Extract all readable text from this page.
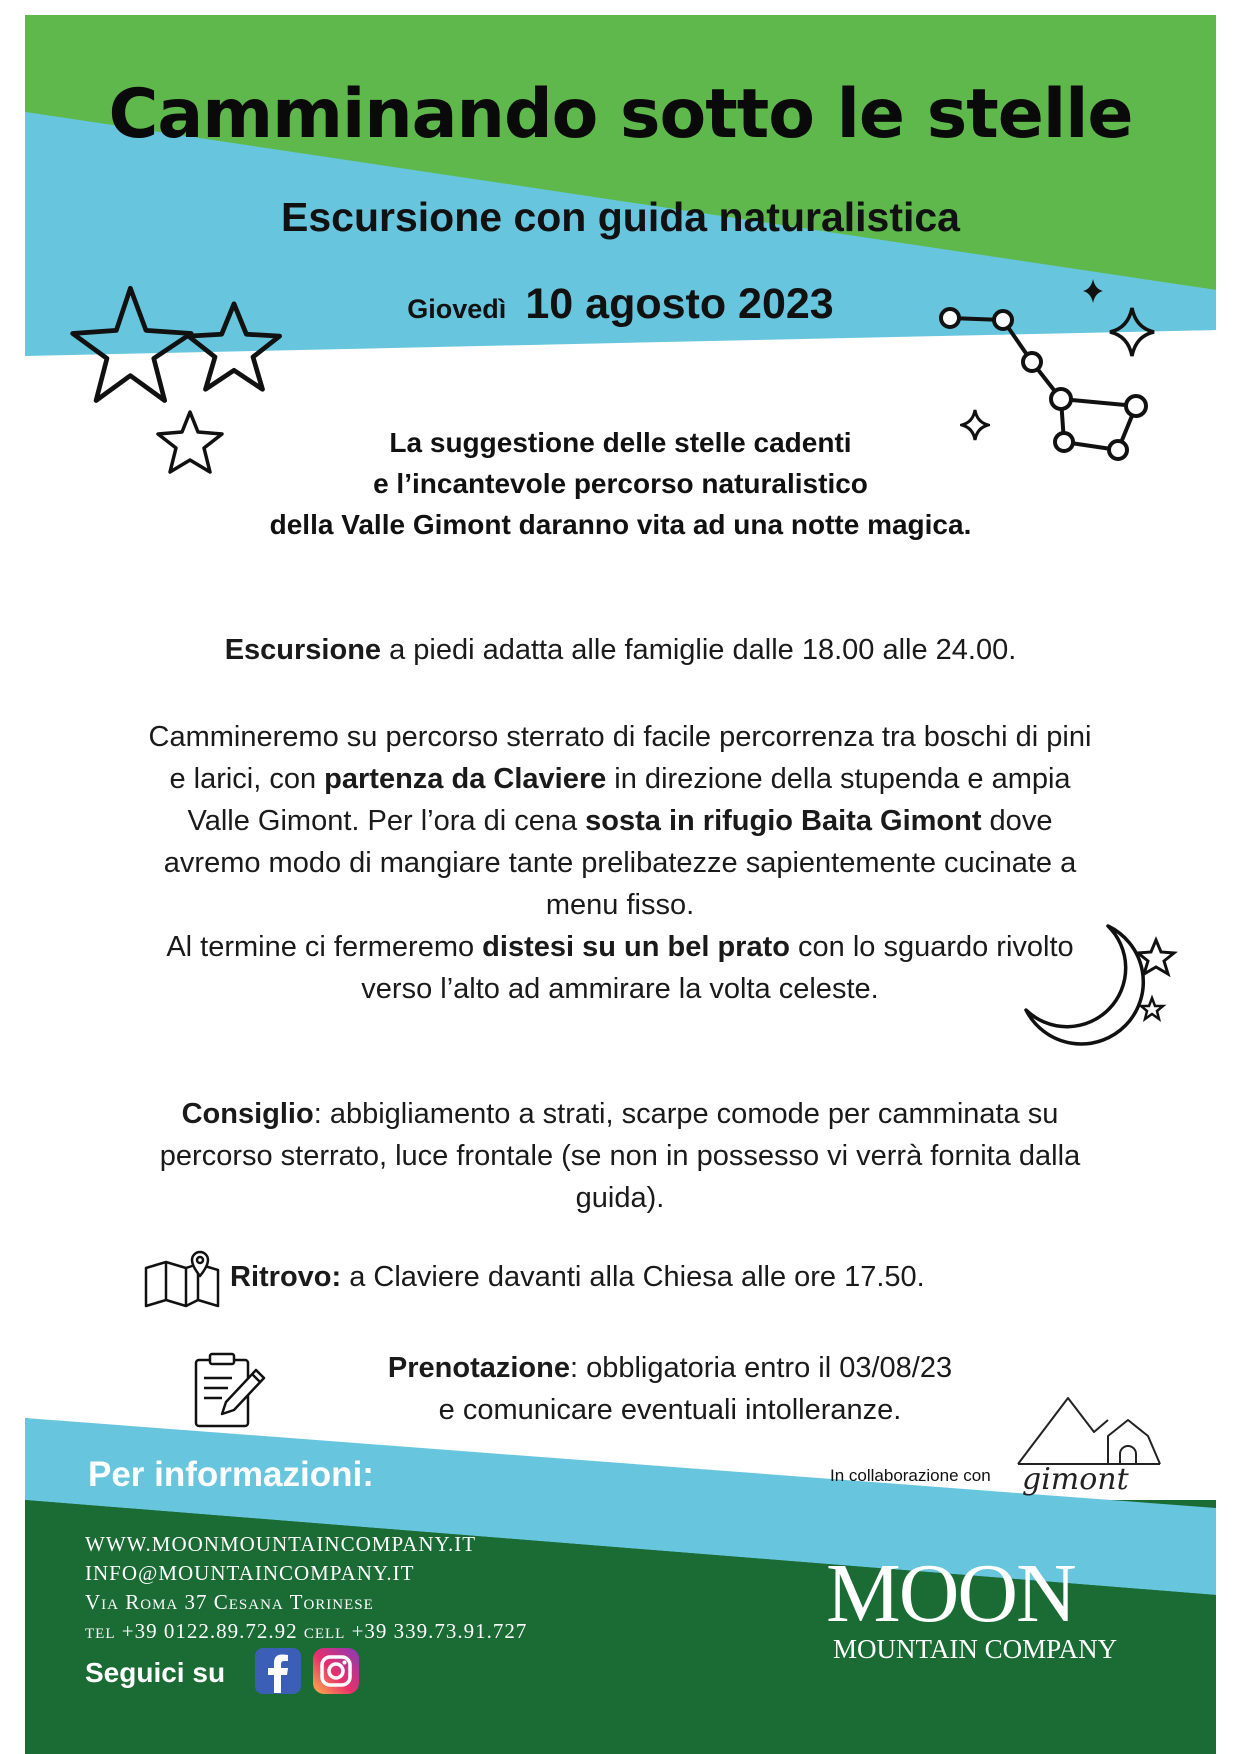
Camminando sotto le stelle
Escursione con guida naturalistica
Giovedì 10 agosto 2023
La suggestione delle stelle cadenti
e l’incantevole percorso naturalistico
della Valle Gimont daranno vita ad una notte magica.
Escursione a piedi adatta alle famiglie dalle 18.00 alle 24.00.
Cammineremo su percorso sterrato di facile percorrenza tra boschi di pini e larici, con partenza da Claviere in direzione della stupenda e ampia Valle Gimont. Per l’ora di cena sosta in rifugio Baita Gimont dove avremo modo di mangiare tante prelibatezze sapientemente cucinate a menu fisso.
Al termine ci fermeremo distesi su un bel prato con lo sguardo rivolto verso l’alto ad ammirare la volta celeste.
Consiglio: abbigliamento a strati, scarpe comode per camminata su percorso sterrato, luce frontale (se non in possesso vi verrà fornita dalla guida).
Ritrovo: a Claviere davanti alla Chiesa alle ore 17.50.
Prenotazione: obbligatoria entro il 03/08/23
e comunicare eventuali intolleranze.
Per informazioni:	In collaborazione con gimont
WWW.MOONMOUNTAINCOMPANY.IT
INFO@MOUNTAINCOMPANY.IT
Via Roma 37 Cesana Torinese
tel +39 0122.89.72.92 cell +39 339.73.91.727
Seguici su
MOON
MOUNTAIN COMPANY
